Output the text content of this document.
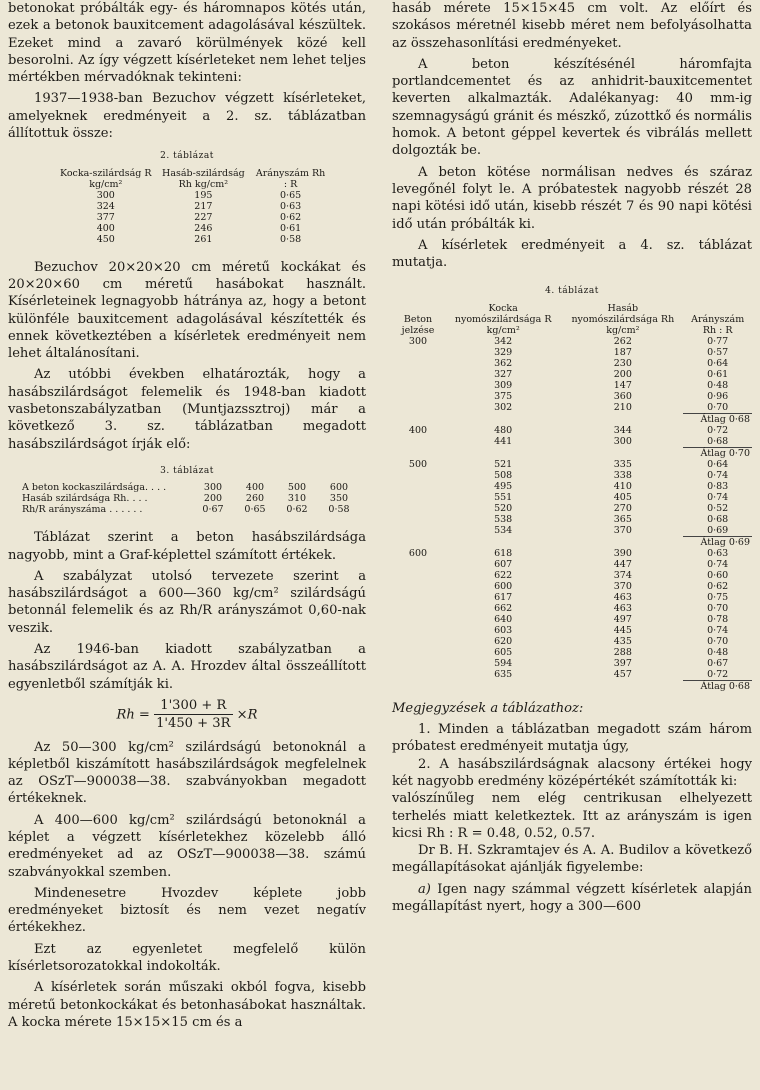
betonokat próbálták egy- és háromnapos kötés után, ezek a betonok bauxitcement adagolásával készültek. Ezeket mind a zavaró körülmények közé kell besorolni. Az így végzett kísérleteket nem lehet teljes mértékben mérvadóknak tekinteni:

1937—1938-ban Bezuchov végzett kísérleteket, amelyeknek eredményeit a 2. sz. táblázatban állítottuk össze:

2. táblázat
Kocka-szilárdság R kg/cm²	Hasáb-szilárdság Rh kg/cm²	Arányszám Rh : R
300	195	0·65
324	217	0·63
377	227	0·62
400	246	0·61
450	261	0·58

Bezuchov 20×20×20 cm méretű kockákat és 20×20×60 cm méretű hasábokat használt. Kísérleteinek legnagyobb hátránya az, hogy a betont különféle bauxitcement adagolásával készítették és ennek következtében a kísérletek eredményeit nem lehet általánosítani.

Az utóbbi években elhatározták, hogy a hasábszilárdságot felemelik és 1948-ban kiadott vasbetonszabályzatban (Muntjazssztroj) már a következő 3. sz. táblázatban megadott hasábszilárdságot írják elő:

3. táblázat
A beton kockaszilárdsága. . . .	300	400	500	600
Hasáb szilárdsága Rh. . . .	200	260	310	350
Rh/R arányszáma . . . . . .	0·67	0·65	0·62	0·58

Táblázat szerint a beton hasábszilárdsága nagyobb, mint a Graf-képlettel számított értékek.

A szabályzat utolsó tervezete szerint a hasábszilárdságot a 600—360 kg/cm² szilárdságú betonnál felemelik és az Rh/R arányszámot 0,60-nak veszik.

Az 1946-ban kiadott szabályzatban a hasábszilárdságot az A. A. Hrozdev által összeállított egyenletből számítják ki.

$Rh = \frac{1'300 + R}{1'450 + 3R} \times R$

Az 50—300 kg/cm² szilárdságú betonoknál a képletből kiszámított hasábszilárdságok megfelelnek az OSzT—900038—38. szabványokban megadott értékeknek.

A 400—600 kg/cm² szilárdságú betonoknál a képlet a végzett kísérletekhez közelebb álló eredményeket ad az OSzT—900038—38. számú szabványokkal szemben.

Mindenesetre Hvozdev képlete jobb eredményeket biztosít és nem vezet negatív értékekhez.

Ezt az egyenletet megfelelő külön kísérletsorozatokkal indokolták.

A kísérletek során műszaki okból fogva, kisebb méretű betonkockákat és betonhasábokat használtak. A kocka mérete 15×15×15 cm és a

hasáb mérete 15×15×45 cm volt. Az előírt és szokásos méretnél kisebb méret nem befolyásolhatta az összehasonlítási eredményeket.

A beton készítésénél háromfajta portlandcementet és az anhidrit-bauxitcementet keverten alkalmazták. Adalékanyag: 40 mm-ig szemnagyságú gránit és mészkő, zúzottkő és normális homok. A betont géppel kevertek és vibrálás mellett dolgozták be.

A beton kötése normálisan nedves és száraz levegőnél folyt le. A próbatestek nagyobb részét 28 napi kötési idő után, kisebb részét 7 és 90 napi kötési idő után próbálták ki.

A kísérletek eredményeit a 4. sz. táblázat mutatja.

4. táblázat
Beton jelzése	Kocka nyomószilárdsága R kg/cm²	Hasáb nyomószilárdsága Rh kg/cm²	Arányszám Rh : R
300	342	262	0·77
	329	187	0·57
	362	230	0·64
	327	200	0·61
	309	147	0·48
	375	360	0·96
	302	210	0·70
			Átlag 0·68
400	480	344	0·72
	441	300	0·68
			Átlag 0·70
500	521	335	0·64
	508	338	0·74
	495	410	0·83
	551	405	0·74
	520	270	0·52
	538	365	0·68
	534	370	0·69
			Átlag 0·69
600	618	390	0·63
	607	447	0·74
	622	374	0·60
	600	370	0·62
	617	463	0·75
	662	463	0·70
	640	497	0·78
	603	445	0·74
	620	435	0·70
	605	288	0·48
	594	397	0·67
	635	457	0·72
			Átlag 0·68

Megjegyzések a táblázathoz:

1. Minden a táblázatban megadott szám három próbatest eredményeit mutatja úgy,

2. A hasábszilárdságnak alacsony értékei hogy két nagyobb eredmény középértékét számították ki:

valószínűleg nem elég centrikusan elhelyezett terhelés miatt keletkeztek. Itt az arányszám is igen kicsi Rh : R = 0.48, 0.52, 0.57.

Dr B. H. Szkramtajev és A. A. Budilov a következő megállapításokat ajánlják figyelembe:

a) Igen nagy számmal végzett kísérletek alapján megállapítást nyert, hogy a 300—600
